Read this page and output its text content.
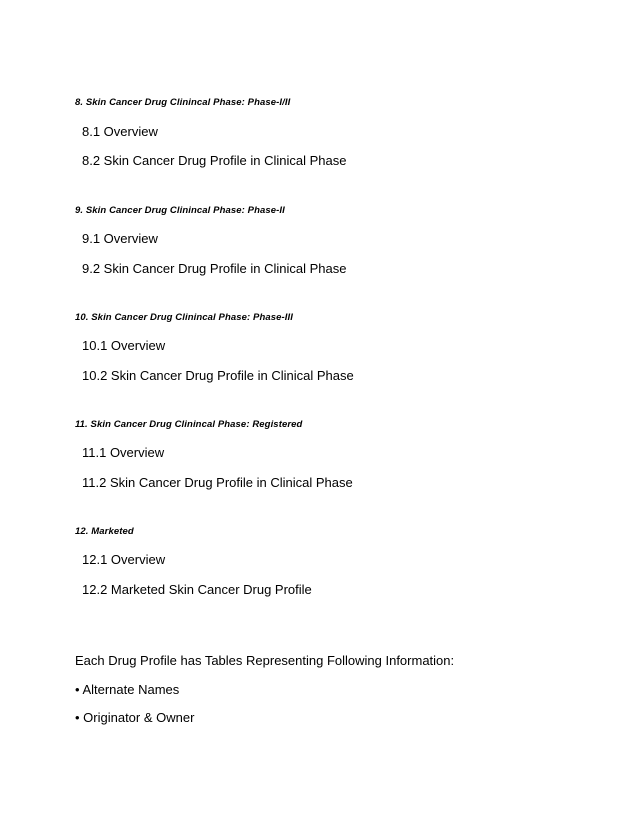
8. Skin Cancer Drug Clinincal Phase: Phase-I/II
8.1 Overview
8.2 Skin Cancer Drug Profile in Clinical Phase
9. Skin Cancer Drug Clinincal Phase: Phase-II
9.1 Overview
9.2 Skin Cancer Drug Profile in Clinical Phase
10. Skin Cancer Drug Clinincal Phase: Phase-III
10.1 Overview
10.2 Skin Cancer Drug Profile in Clinical Phase
11. Skin Cancer Drug Clinincal Phase: Registered
11.1 Overview
11.2 Skin Cancer Drug Profile in Clinical Phase
12. Marketed
12.1 Overview
12.2 Marketed Skin Cancer Drug Profile
Each Drug Profile has Tables Representing Following Information:
• Alternate Names
• Originator & Owner
